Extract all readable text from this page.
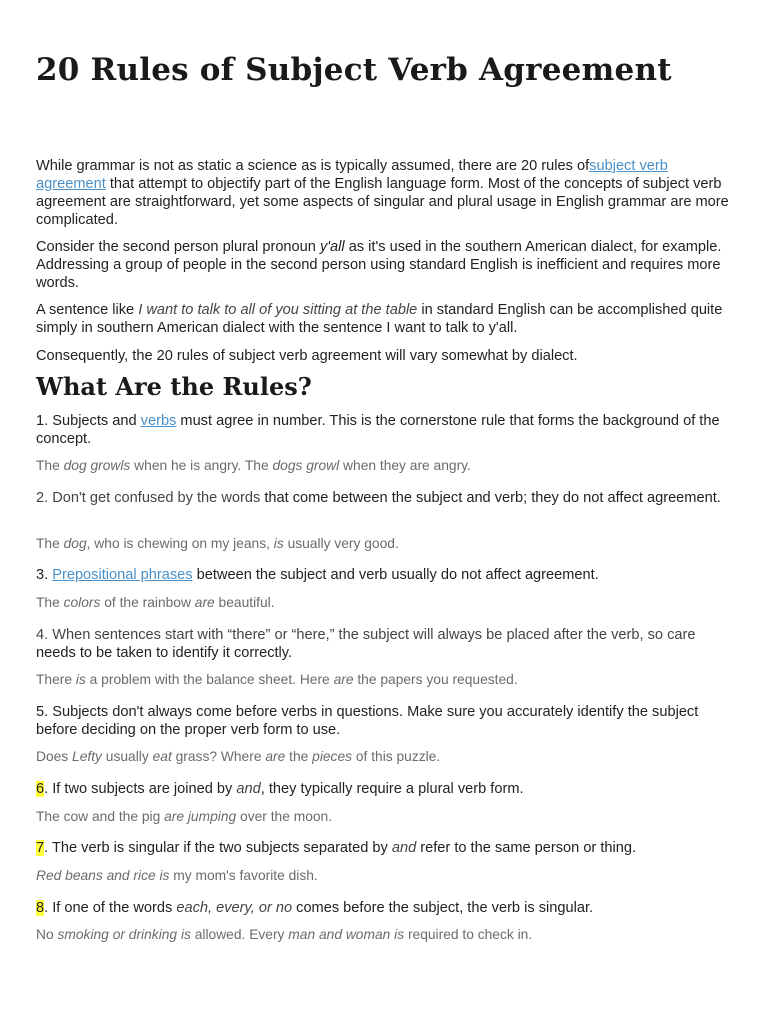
20 Rules of Subject Verb Agreement

While grammar is not as static a science as is typically assumed, there are 20 rules ofsubject verb agreement that attempt to objectify part of the English language form. Most of the concepts of subject verb agreement are straightforward, yet some aspects of singular and plural usage in English grammar are more complicated.

Consider the second person plural pronoun y'all as it's used in the southern American dialect, for example. Addressing a group of people in the second person using standard English is inefficient and requires more words.

A sentence like I want to talk to all of you sitting at the table in standard English can be accomplished quite simply in southern American dialect with the sentence I want to talk to y'all.

Consequently, the 20 rules of subject verb agreement will vary somewhat by dialect.

What Are the Rules?

1. Subjects and verbs must agree in number. This is the cornerstone rule that forms the background of the concept.

The dog growls when he is angry. The dogs growl when they are angry.

2. Don't get confused by the words that come between the subject and verb; they do not affect agreement.

The dog, who is chewing on my jeans, is usually very good.

3. Prepositional phrases between the subject and verb usually do not affect agreement.

The colors of the rainbow are beautiful.

4. When sentences start with “there” or “here,” the subject will always be placed after the verb, so care
needs to be taken to identify it correctly.

There is a problem with the balance sheet. Here are the papers you requested.

5. Subjects don't always come before verbs in questions. Make sure you accurately identify the subject before deciding on the proper verb form to use.

Does Lefty usually eat grass? Where are the pieces of this puzzle.

6. If two subjects are joined by and, they typically require a plural verb form.

The cow and the pig are jumping over the moon.

7. The verb is singular if the two subjects separated by and refer to the same person or thing.

Red beans and rice is my mom's favorite dish.

8. If one of the words each, every, or no comes before the subject, the verb is singular.

No smoking or drinking is allowed. Every man and woman is required to check in.
